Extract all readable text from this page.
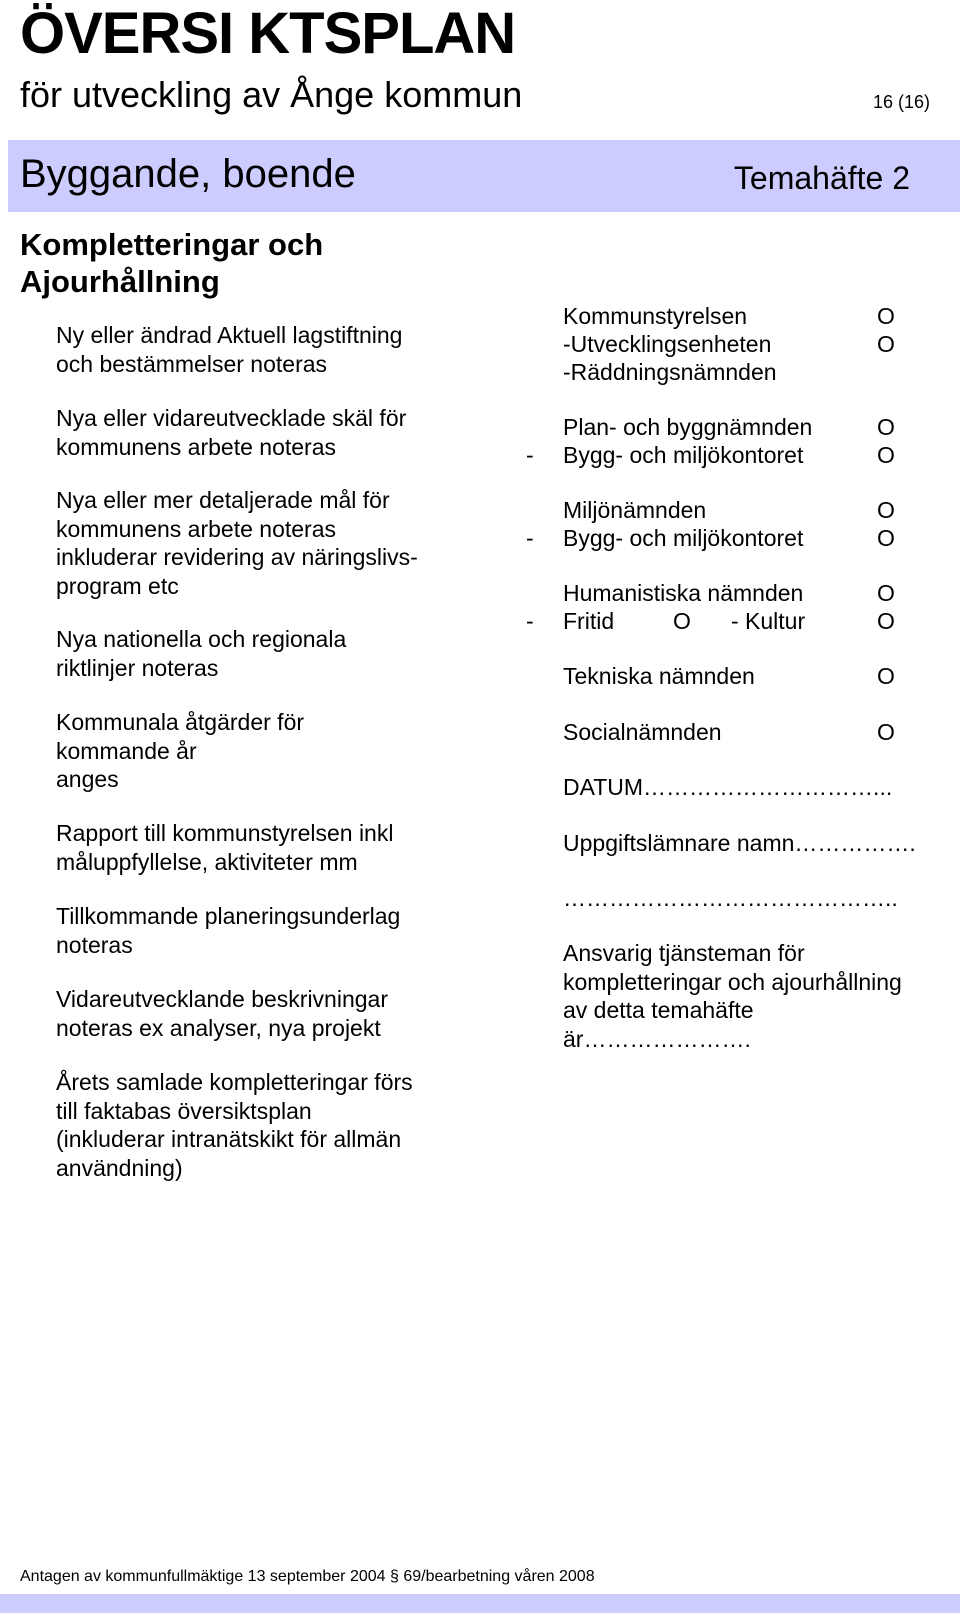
ÖVERSI KTSPLAN
för utveckling av Ånge kommun	16 (16)
Byggande, boende	Temahäfte 2
Kompletteringar och
Ajourhållning
Ny eller ändrad Aktuell lagstiftning
och bestämmelser noteras
Nya eller vidareutvecklade skäl för
kommunens arbete noteras
Nya eller mer detaljerade mål för
kommunens arbete noteras
inkluderar revidering av näringslivs-
program etc
Nya nationella och regionala
riktlinjer noteras
Kommunala åtgärder för
kommande år
anges
Rapport till kommunstyrelsen inkl
måluppfyllelse, aktiviteter mm
Tillkommande planeringsunderlag
noteras
Vidareutvecklande beskrivningar
noteras ex analyser, nya projekt
Årets samlade kompletteringar förs
till faktabas översiktsplan
(inkluderar intranätskikt för allmän
användning)
Kommunstyrelsen	O
-Utvecklingsenheten	O
-Räddningsnämnden
Plan- och byggnämnden	O
- Bygg- och miljökontoret	O
Miljönämnden	O
- Bygg- och miljökontoret	O
Humanistiska nämnden	O
- Fritid	O - Kultur	O
Tekniska nämnden	O
Socialnämnden	O
DATUM…………………………...
Uppgiftslämnare namn…………….
……………………………………..
Ansvarig tjänsteman för
kompletteringar och ajourhållning
av detta temahäfte
är………………….
Antagen av kommunfullmäktige 13 september 2004 § 69/bearbetning våren 2008
